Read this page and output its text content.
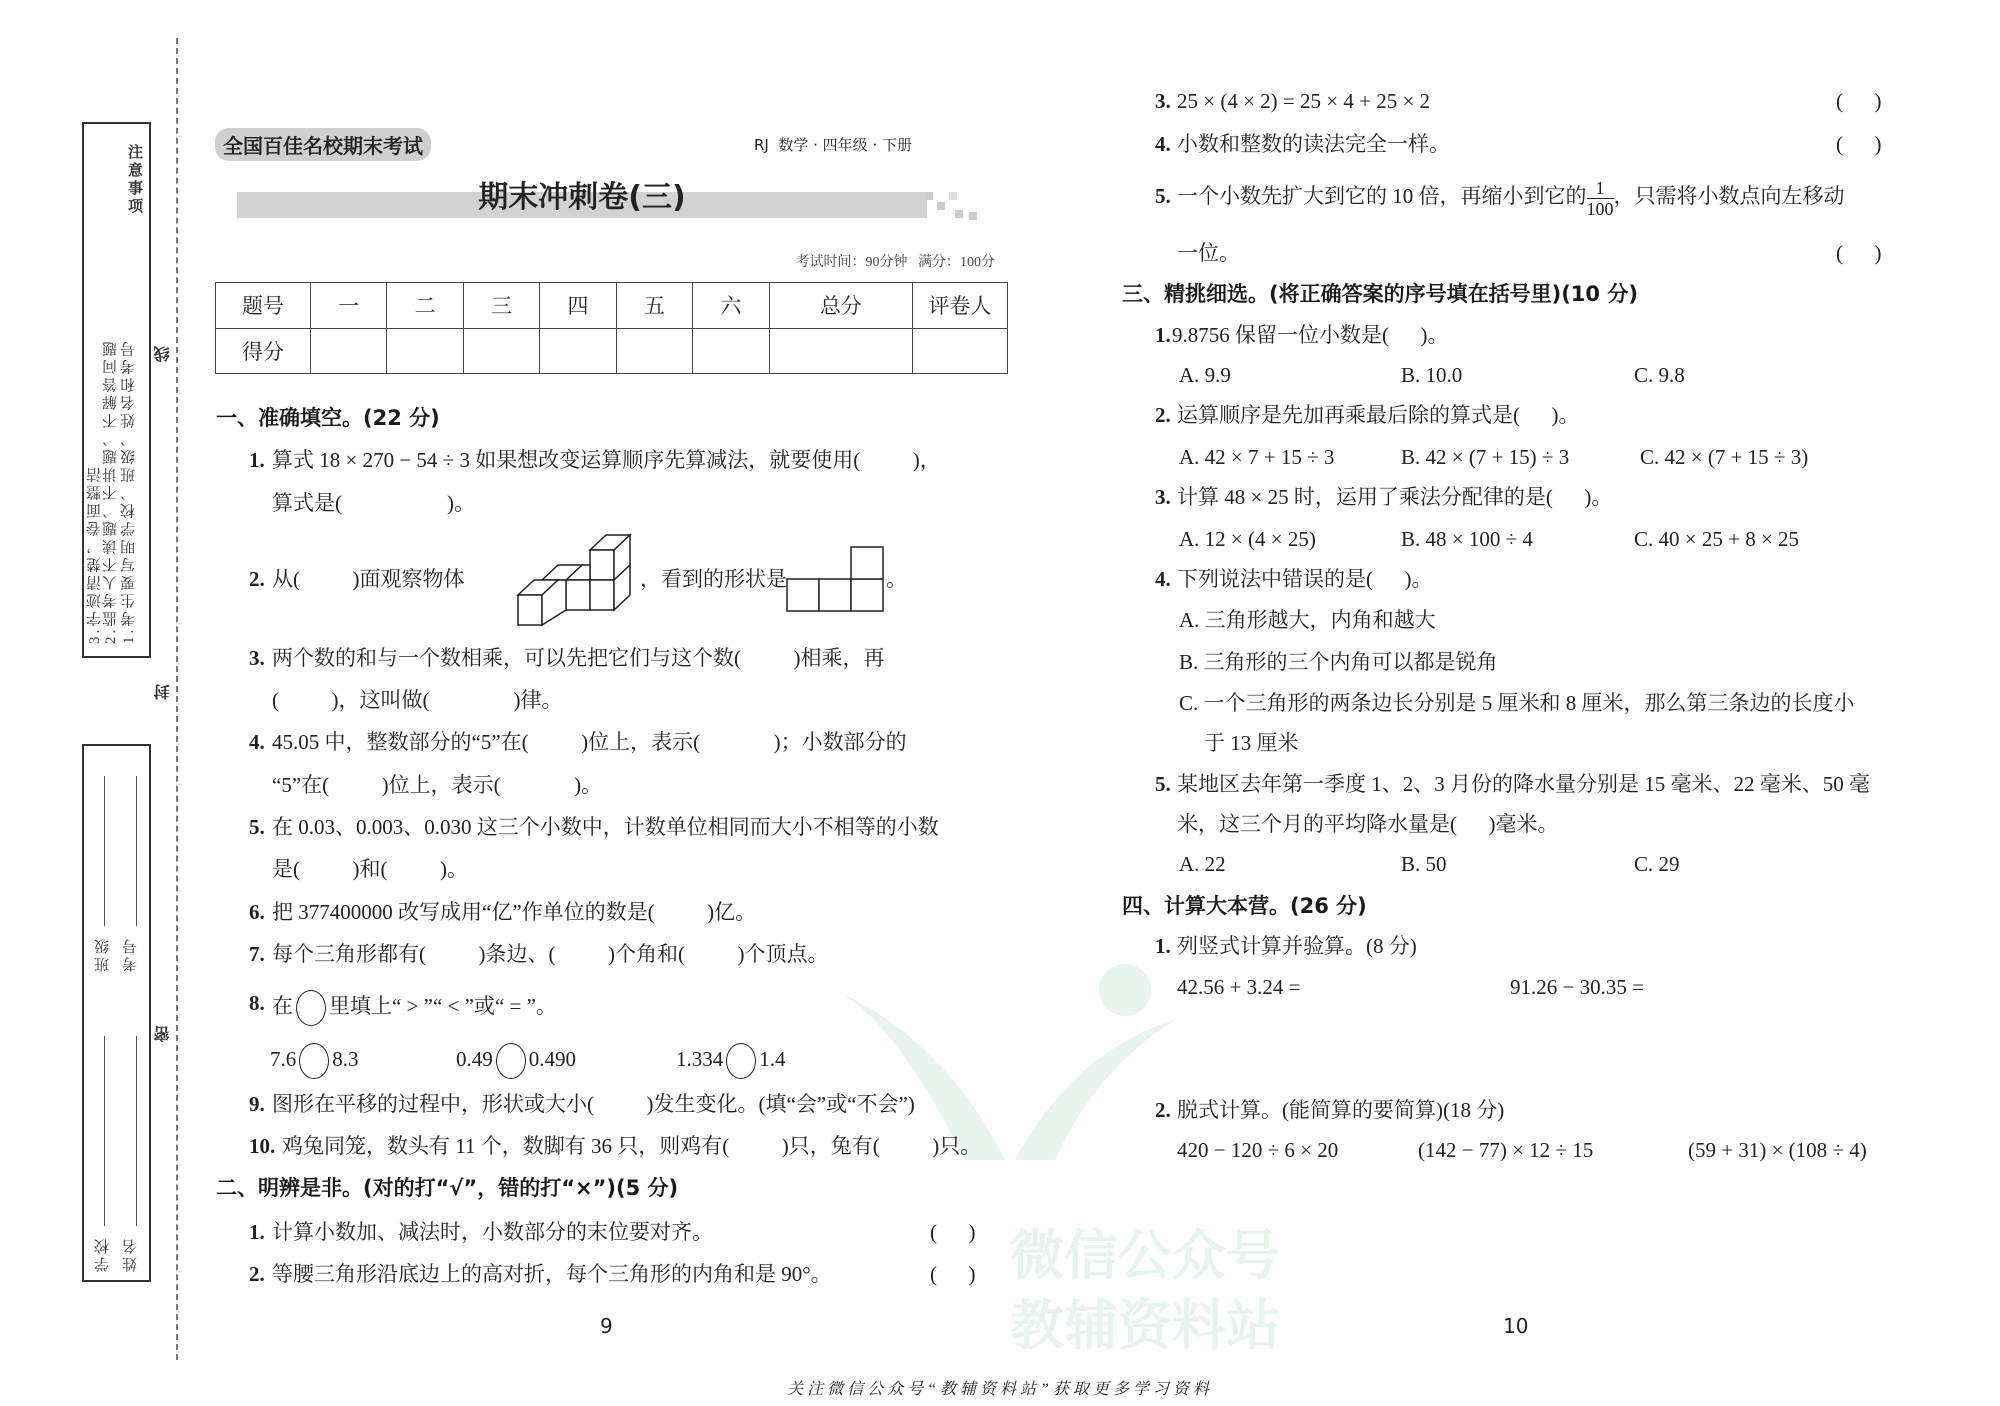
微信公众号
教辅资料站
注意事项
1.考生要写明学校、班级、姓名和考号
2.监考人不读题、不讲题、不解答问题
3.字迹清楚，卷面整洁
线
封
密
学校 姓名
班级 考号
全国百佳名校期末考试	RJ  数学 · 四年级 · 下册
期末冲刺卷(三)
考试时间：90分钟   满分：100分
题号	一	二	三	四	五	六	总分	评卷人
得分								
一、准确填空。(22 分)
1. 算式 18 × 270 − 54 ÷ 3 如果想改变运算顺序先算减法，就要使用(          )，
算式是(                    )。
2. 从(          )面观察物体	，看到的形状是	。
3. 两个数的和与一个数相乘，可以先把它们与这个数(          )相乘，再
(          )，这叫做(                )律。
4. 45.05 中，整数部分的“5”在(          )位上，表示(              )；小数部分的
“5”在(          )位上，表示(              )。
5. 在 0.03、0.003、0.030 这三个小数中，计数单位相同而大小不相等的小数
是(          )和(          )。
6. 把 377400000 改写成用“亿”作单位的数是(          )亿。
7. 每个三角形都有(          )条边、(          )个角和(          )个顶点。
8. 在 里填上“ > ”“ < ”或“ = ”。
7.6 8.3	0.49 0.490	1.334 1.4
9. 图形在平移的过程中，形状或大小(          )发生变化。(填“会”或“不会”)
10. 鸡兔同笼，数头有 11 个，数脚有 36 只，则鸡有(          )只，兔有(          )只。
二、明辨是非。(对的打“√”，错的打“×”)(5 分)
1. 计算小数加、减法时，小数部分的末位要对齐。	(      )
2. 等腰三角形沿底边上的高对折，每个三角形的内角和是 90°。	(      )
9
3. 25 × (4 × 2) = 25 × 4 + 25 × 2	(      )
4. 小数和整数的读法完全一样。	(      )
5. 一个小数先扩大到它的 10 倍，再缩小到它的 $\frac{1}{100}$ ，只需将小数点向左移动
一位。	(      )
三、精挑细选。(将正确答案的序号填在括号里)(10 分)
1. 9.8756 保留一位小数是(      )。
A. 9.9	B. 10.0	C. 9.8
2. 运算顺序是先加再乘最后除的算式是(      )。
A. 42 × 7 + 15 ÷ 3	B. 42 × (7 + 15) ÷ 3	C. 42 × (7 + 15 ÷ 3)
3. 计算 48 × 25 时，运用了乘法分配律的是(      )。
A. 12 × (4 × 25)	B. 48 × 100 ÷ 4	C. 40 × 25 + 8 × 25
4. 下列说法中错误的是(      )。
A. 三角形越大，内角和越大
B. 三角形的三个内角可以都是锐角
C. 一个三角形的两条边长分别是 5 厘米和 8 厘米，那么第三条边的长度小
于 13 厘米
5. 某地区去年第一季度 1、2、3 月份的降水量分别是 15 毫米、22 毫米、50 毫
米，这三个月的平均降水量是(      )毫米。
A. 22	B. 50	C. 29
四、计算大本营。(26 分)
1. 列竖式计算并验算。(8 分)
42.56 + 3.24 =	91.26 − 30.35 =
2. 脱式计算。(能简算的要简算)(18 分)
420 − 120 ÷ 6 × 20	(142 − 77) × 12 ÷ 15	(59 + 31) × (108 ÷ 4)
10
关注微信公众号“教辅资料站”获取更多学习资料
